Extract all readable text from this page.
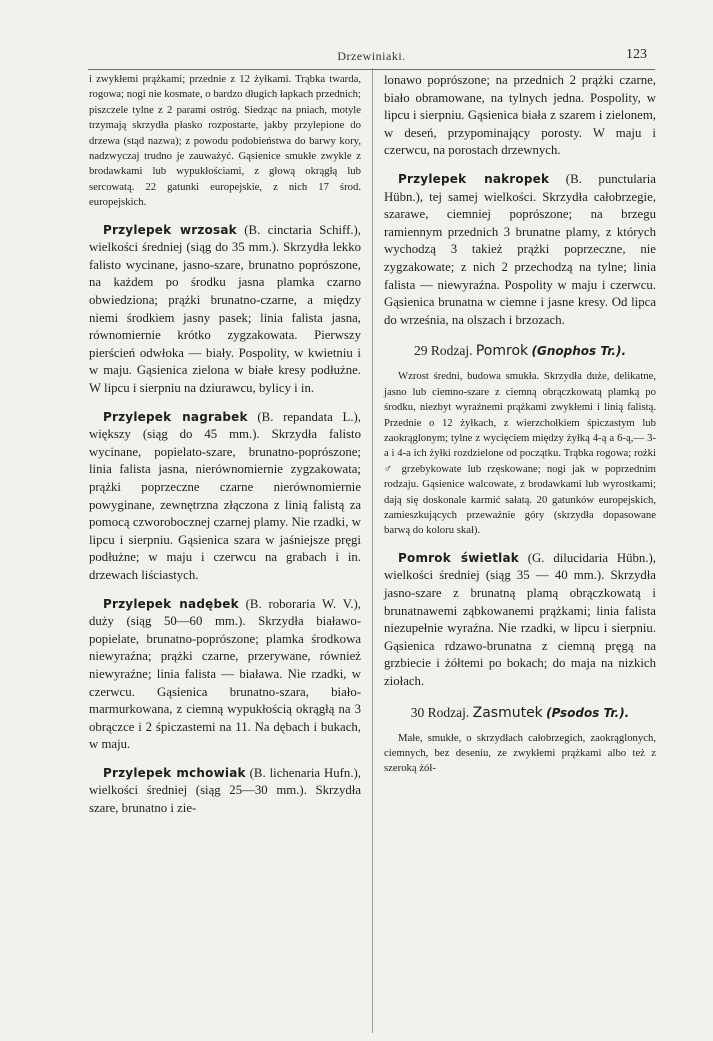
Drzewiniaki.	123

i zwykłemi prążkami; przednie z 12 żyłkami. Trąbka twarda, rogowa; nogi nie kosmate, o bardzo długich łapkach przednich; piszczele tylne z 2 parami ostróg. Siedząc na pniach, motyle trzymają skrzydła płasko rozpostarte, jakby przylepione do drzewa (stąd nazwa); z powodu podobieństwa do barwy kory, nadzwyczaj trudno je zauważyć. Gąsienice smukłe zwykle z brodawkami lub wypukłościami, z głową okrągłą lub sercowatą. 22 gatunki europejskie, z nich 17 środ. europejskich.

Przylepek wrzosak (B. cinctaria Schiff.), wielkości średniej (siąg do 35 mm.). Skrzydła lekko falisto wycinane, jasno-szare, brunatno poprószone, na każdem po środku jasna plamka czarno obwiedziona; prążki brunatno-czarne, a między niemi środkiem jasny pasek; linia falista jasna, równomiernie krótko zygzakowata. Pierwszy pierścień odwłoka — biały. Pospolity, w kwietniu i w maju. Gąsienica zielona w białe kresy podłużne. W lipcu i sierpniu na dziurawcu, bylicy i in.

Przylepek nagrabek (B. repandata L.), większy (siąg do 45 mm.). Skrzydła falisto wycinane, popielato-szare, brunatno-poprószone; linia falista jasna, nierównomiernie zygzakowata; prążki poprzeczne czarne nierównomiernie powyginane, zewnętrzna złączona z linią falistą za pomocą czworobocznej czarnej plamy. Nie rzadki, w lipcu i sierpniu. Gąsienica szara w jaśniejsze pręgi podłużne; w maju i czerwcu na grabach i in. drzewach liściastych.

Przylepek nadębek (B. roboraria W. V.), duży (siąg 50—60 mm.). Skrzydła białawo-popielate, brunatno-poprószone; plamka środkowa niewyraźna; prążki czarne, przerywane, również niewyraźne; linia falista — biaława. Nie rzadki, w czerwcu. Gąsienica brunatno-szara, biało-marmurkowana, z ciemną wypukłością okrągłą na 3 obrączce i 2 śpiczastemi na 11. Na dębach i bukach, w maju.

Przylepek mchowiak (B. lichenaria Hufn.), wielkości średniej (siąg 25—30 mm.). Skrzydła szare, brunatno i zie-

lonawo poprószone; na przednich 2 prążki czarne, biało obramowane, na tylnych jedna. Pospolity, w lipcu i sierpniu. Gąsienica biała z szarem i zielonem, w deseń, przypominający porosty. W maju i czerwcu, na porostach drzewnych.

Przylepek nakropek (B. punctularia Hübn.), tej samej wielkości. Skrzydła całobrzegie, szarawe, ciemniej poprószone; na brzegu ramiennym przednich 3 brunatne plamy, z których wychodzą 3 takież prążki poprzeczne, nie zygzakowate; z nich 2 przechodzą na tylne; linia falista — niewyraźna. Pospolity w maju i czerwcu. Gąsienica brunatna w ciemne i jasne kresy. Od lipca do września, na olszach i brzozach.

29 Rodzaj. Pomrok (Gnophos Tr.).

Wzrost średni, budowa smukła. Skrzydła duże, delikatne, jasno lub ciemno-szare z ciemną obrączkowatą plamką po środku, niezbyt wyraźnemi prążkami zwykłemi i linią falistą. Przednie o 12 żyłkach, z wierzchołkiem śpiczastym lub zaokrąglonym; tylne z wycięciem między żyłką 4-ą a 6-ą,— 3-a i 4-a ich żyłki rozdzielone od początku. Trąbka rogowa; rożki ♂ grzebykowate lub rzęskowane; nogi jak w poprzednim rodzaju. Gąsienice walcowate, z brodawkami lub wyrostkami; dają się doskonale karmić sałatą. 20 gatunków europejskich, zamieszkujących przeważnie góry (skrzydła dopasowane barwą do koloru skał).

Pomrok świetlak (G. dilucidaria Hübn.), wielkości średniej (siąg 35 — 40 mm.). Skrzydła jasno-szare z brunatną plamą obrączkowatą i brunatnawemi ząbkowanemi prążkami; linia falista niezupełnie wyraźna. Nie rzadki, w lipcu i sierpniu. Gąsienica rdzawo-brunatna z ciemną pręgą na grzbiecie i żółtemi po bokach; do maja na nizkich ziołach.

30 Rodzaj. Zasmutek (Psodos Tr.).

Małe, smukłe, o skrzydłach całobrzegich, zaokrąglonych, ciemnych, bez deseniu, ze zwykłemi prążkami albo też z szeroką żół-
